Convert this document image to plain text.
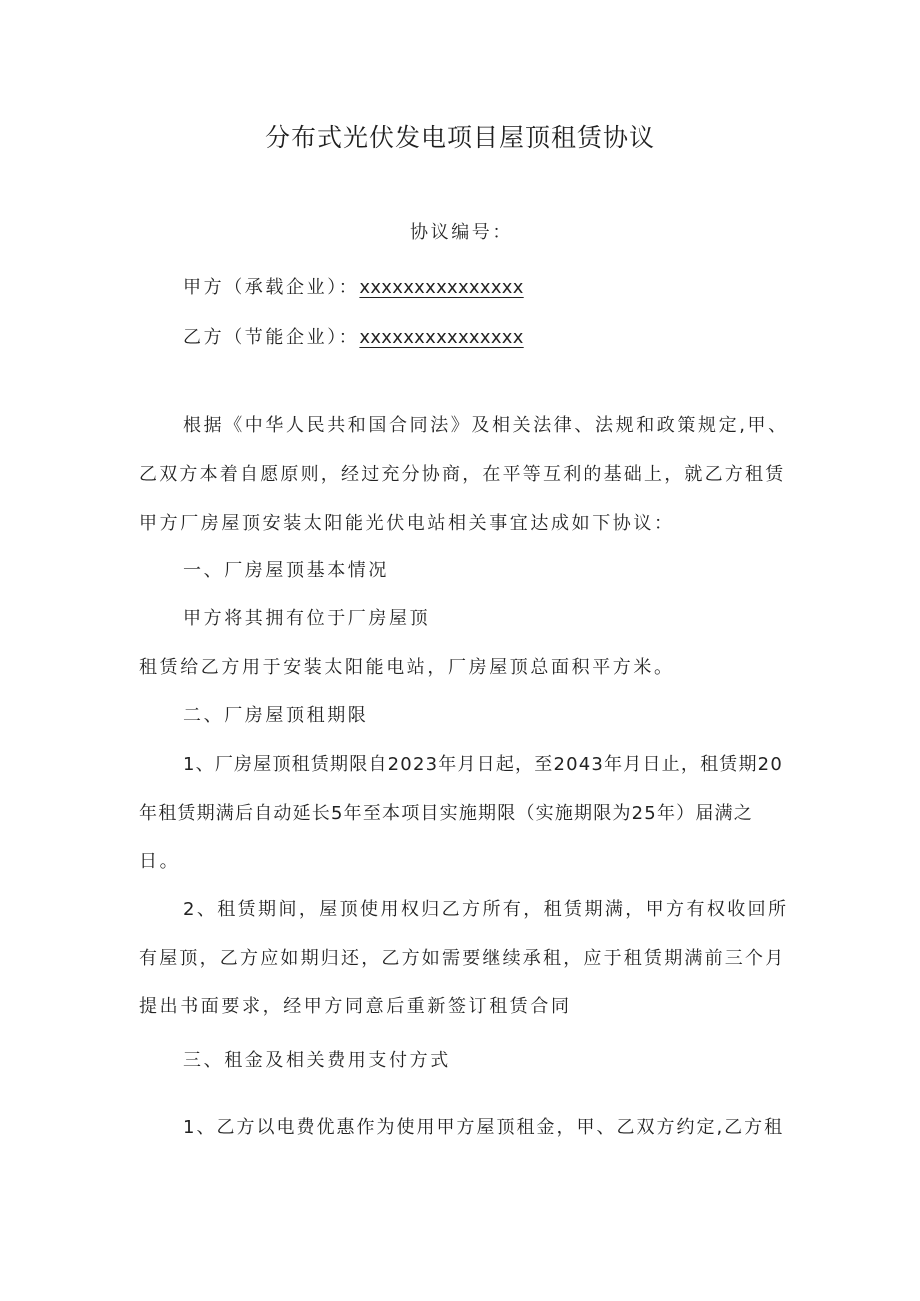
分布式光伏发电项目屋顶租赁协议
协议编号：
甲方（承载企业）：xxxxxxxxxxxxxxx
乙方（节能企业）：xxxxxxxxxxxxxxx
根据《中华人民共和国合同法》及相关法律、法规和政策规定,甲、
乙双方本着自愿原则，经过充分协商，在平等互利的基础上，就乙方租赁
甲方厂房屋顶安装太阳能光伏电站相关事宜达成如下协议：
一、厂房屋顶基本情况
甲方将其拥有位于厂房屋顶
租赁给乙方用于安装太阳能电站，厂房屋顶总面积平方米。
二、厂房屋顶租期限
1、厂房屋顶租赁期限自2023年月日起，至2043年月日止，租赁期20
年租赁期满后自动延长5年至本项目实施期限（实施期限为25年）届满之
日。
2、租赁期间，屋顶使用权归乙方所有，租赁期满，甲方有权收回所
有屋顶，乙方应如期归还，乙方如需要继续承租，应于租赁期满前三个月
提出书面要求，经甲方同意后重新签订租赁合同
三、租金及相关费用支付方式
1、乙方以电费优惠作为使用甲方屋顶租金，甲、乙双方约定,乙方租
